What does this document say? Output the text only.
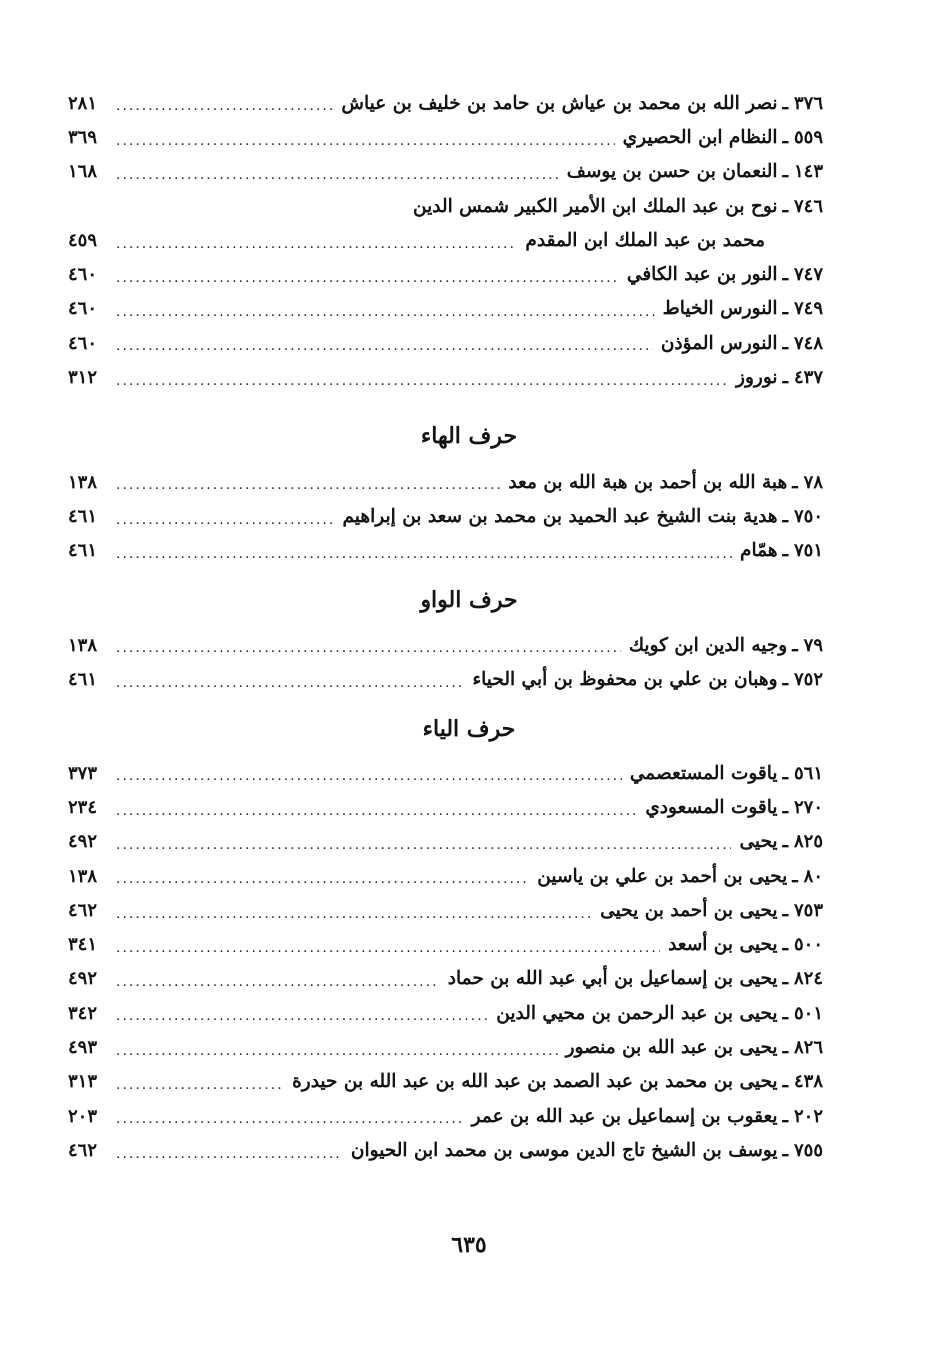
٣٧٦
ـ
نصر الله بن محمد بن عياش بن حامد بن خليف بن عياش
.....
٢٨١
٥٥٩
ـ
النظام ابن الحصيري
.....
٣٦٩
١٤٣
ـ
النعمان بن حسن بن يوسف
.....
١٦٨
٧٤٦
ـ
نوح بن عبد الملك ابن الأمير الكبير شمس الدين
محمد بن عبد الملك ابن المقدم
.....
٤٥٩
٧٤٧
ـ
النور بن عبد الكافي
.....
٤٦٠
٧٤٩
ـ
النورس الخياط
.....
٤٦٠
٧٤٨
ـ
النورس المؤذن
.....
٤٦٠
٤٣٧
ـ
نوروز
.....
٣١٢
حرف الهاء
٧٨
ـ
هبة الله بن أحمد بن هبة الله بن معد
.....
١٣٨
٧٥٠
ـ
هدية بنت الشيخ عبد الحميد بن محمد بن سعد بن إبراهيم
.....
٤٦١
٧٥١
ـ
همّام
.....
٤٦١
حرف الواو
٧٩
ـ
وجيه الدين ابن كويك
.....
١٣٨
٧٥٢
ـ
وهبان بن علي بن محفوظ بن أبي الحياء
.....
٤٦١
حرف الياء
٥٦١
ـ
ياقوت المستعصمي
.....
٣٧٣
٢٧٠
ـ
ياقوت المسعودي
.....
٢٣٤
٨٢٥
ـ
يحيى
.....
٤٩٢
٨٠
ـ
يحيى بن أحمد بن علي بن ياسين
.....
١٣٨
٧٥٣
ـ
يحيى بن أحمد بن يحيى
.....
٤٦٢
٥٠٠
ـ
يحيى بن أسعد
.....
٣٤١
٨٢٤
ـ
يحيى بن إسماعيل بن أبي عبد الله بن حماد
.....
٤٩٢
٥٠١
ـ
يحيى بن عبد الرحمن بن محيي الدين
.....
٣٤٢
٨٢٦
ـ
يحيى بن عبد الله بن منصور
.....
٤٩٣
٤٣٨
ـ
يحيى بن محمد بن عبد الصمد بن عبد الله بن عبد الله بن حيدرة
.....
٣١٣
٢٠٢
ـ
يعقوب بن إسماعيل بن عبد الله بن عمر
.....
٢٠٣
٧٥٥
ـ
يوسف بن الشيخ تاج الدين موسى بن محمد ابن الحيوان
.....
٤٦٢
٦٣٥
